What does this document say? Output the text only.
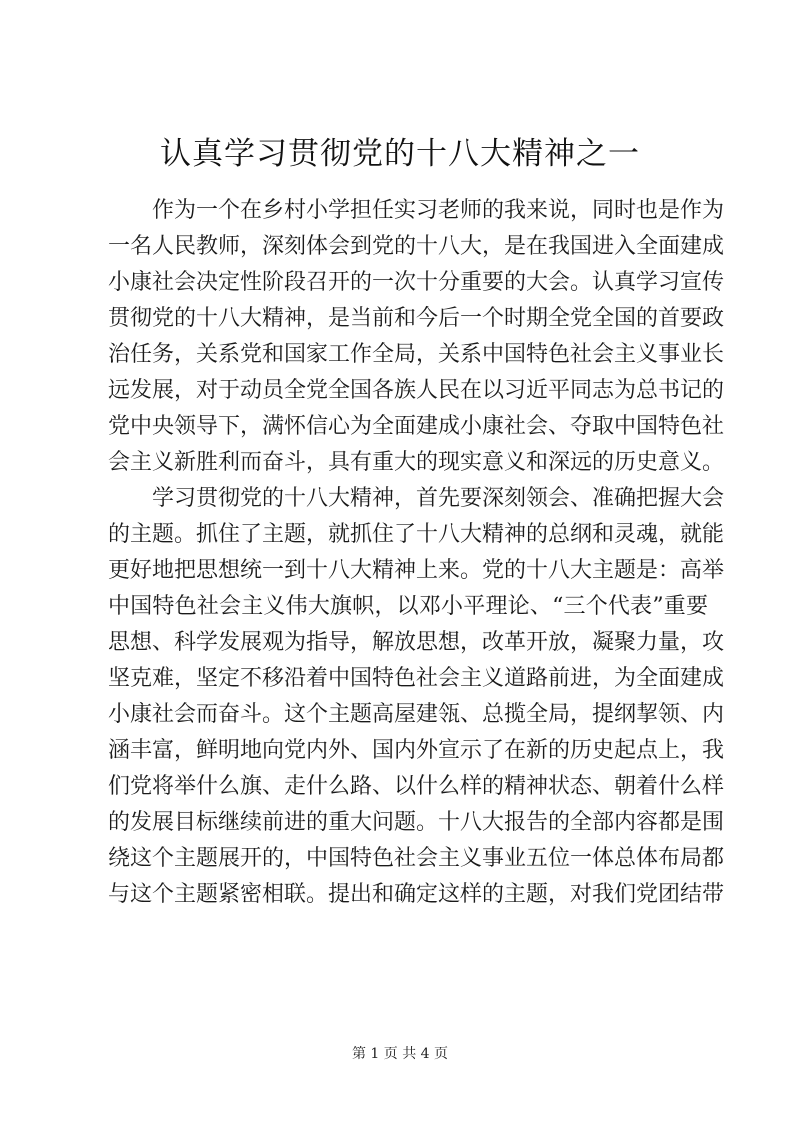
认真学习贯彻党的十八大精神之一
作为一个在乡村小学担任实习老师的我来说，同时也是作为
一名人民教师，深刻体会到党的十八大，是在我国进入全面建成
小康社会决定性阶段召开的一次十分重要的大会。认真学习宣传
贯彻党的十八大精神，是当前和今后一个时期全党全国的首要政
治任务，关系党和国家工作全局，关系中国特色社会主义事业长
远发展，对于动员全党全国各族人民在以习近平同志为总书记的
党中央领导下，满怀信心为全面建成小康社会、夺取中国特色社
会主义新胜利而奋斗，具有重大的现实意义和深远的历史意义。
学习贯彻党的十八大精神，首先要深刻领会、准确把握大会
的主题。抓住了主题，就抓住了十八大精神的总纲和灵魂，就能
更好地把思想统一到十八大精神上来。党的十八大主题是：高举
中国特色社会主义伟大旗帜，以邓小平理论、“三个代表”重要
思想、科学发展观为指导，解放思想，改革开放，凝聚力量，攻
坚克难，坚定不移沿着中国特色社会主义道路前进，为全面建成
小康社会而奋斗。这个主题高屋建瓴、总揽全局，提纲挈领、内
涵丰富，鲜明地向党内外、国内外宣示了在新的历史起点上，我
们党将举什么旗、走什么路、以什么样的精神状态、朝着什么样
的发展目标继续前进的重大问题。十八大报告的全部内容都是围
绕这个主题展开的，中国特色社会主义事业五位一体总体布局都
与这个主题紧密相联。提出和确定这样的主题，对我们党团结带
第 1 页 共 4 页
